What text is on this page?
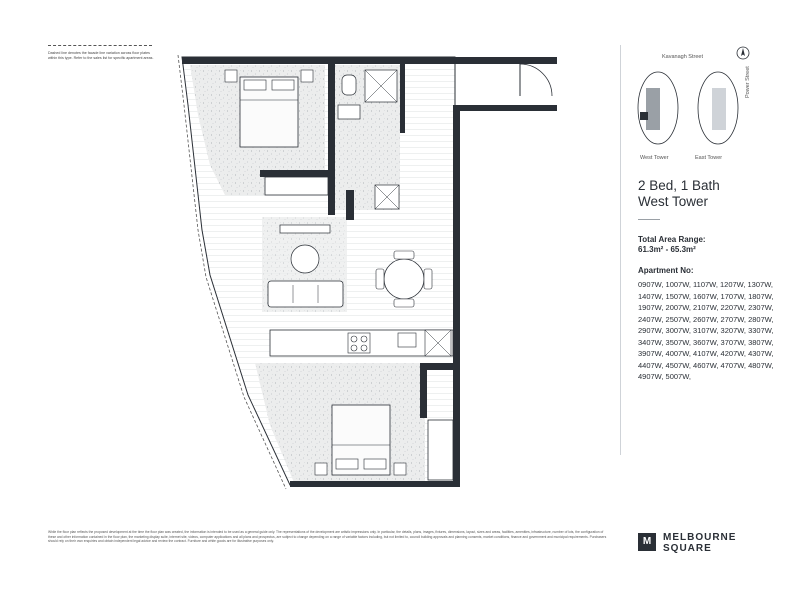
Dashed line denotes the facade line variation across floor plates within this type. Refer to the sales list for specific apartment areas.	Kavanagh Street
Power Street
West Tower	East Tower
2 Bed, 1 Bath
West Tower
Total Area Range:
61.3m² - 65.3m²
Apartment No:
0907W, 1007W, 1107W, 1207W, 1307W, 1407W, 1507W, 1607W, 1707W, 1807W, 1907W, 2007W, 2107W, 2207W, 2307W, 2407W, 2507W, 2607W, 2707W, 2807W, 2907W, 3007W, 3107W, 3207W, 3307W, 3407W, 3507W, 3607W, 3707W, 3807W, 3907W, 4007W, 4107W, 4207W, 4307W, 4407W, 4507W, 4607W, 4707W, 4807W, 4907W, 5007W,
While the floor plan reflects the proposed development at the time the floor plan was created, the information is intended to be used as a general guide only. The representations of the development are artistic impressions only. In particular, the details, plans, images, fixtures, dimensions, layout, sizes and areas, facilities, amenities, infrastructure, number of lots, the configuration of these and other information contained in the floor plan, the marketing display suite, internet site, videos, computer applications and all plans and prospectus, are subject to change depending on a range of variable factors including, but not limited to, council building approvals and planning consents, market conditions, finance and government and municipal requirements. Purchasers should rely on their own enquiries and obtain independent legal advice and review the contract. Furniture and white goods are for illustrative purposes only.	M MELBOURNE
SQUARE
